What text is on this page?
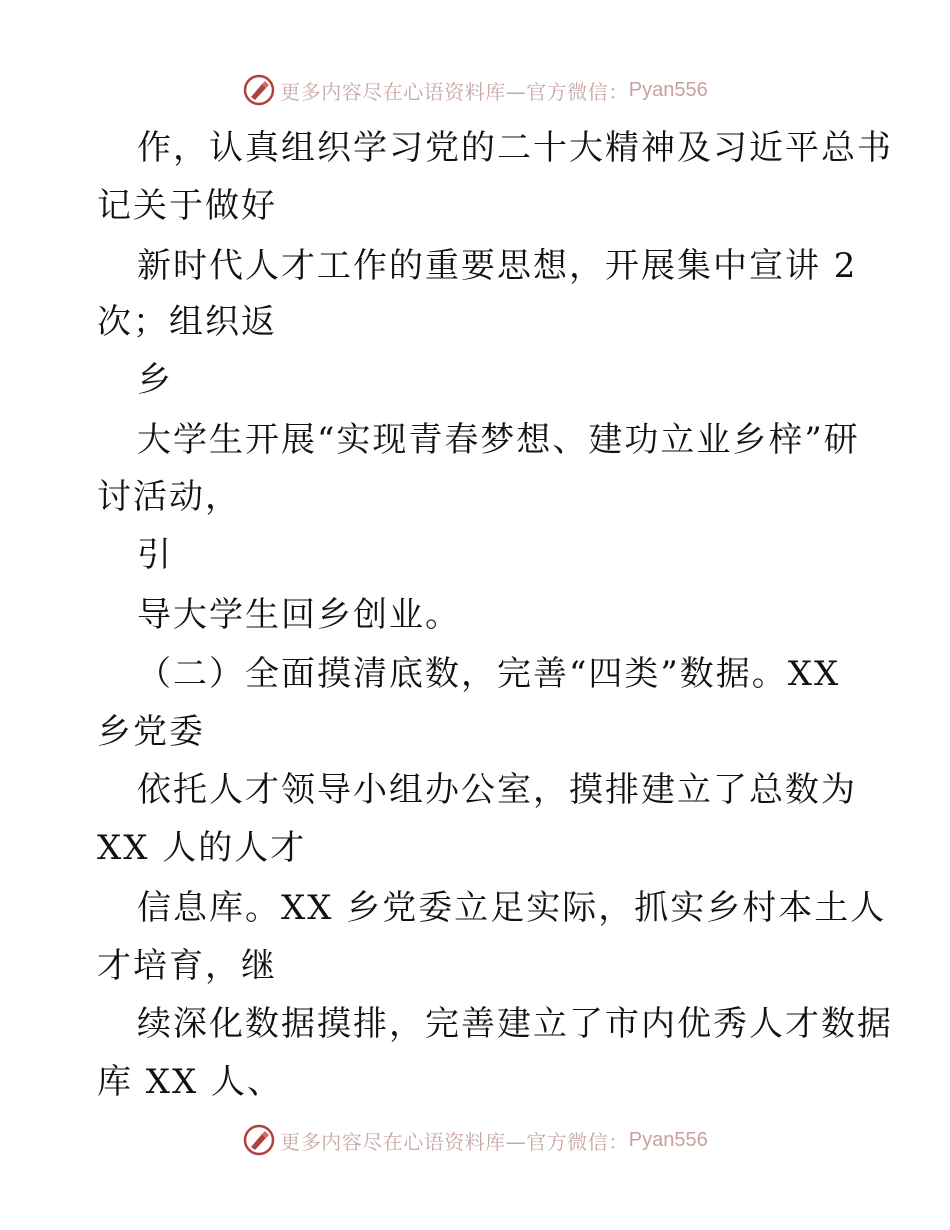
更多内容尽在心语资料库—官方微信： Pyan556
作，认真组织学习党的二十大精神及习近平总书
记关于做好
新时代人才工作的重要思想，开展集中宣讲 2
次；组织返
乡
大学生开展“实现青春梦想、建功立业乡梓”研
讨活动，
引
导大学生回乡创业。
（二）全面摸清底数，完善“四类”数据。XX
乡党委
依托人才领导小组办公室，摸排建立了总数为
XX 人的人才
信息库。XX 乡党委立足实际，抓实乡村本土人
才培育，继
续深化数据摸排，完善建立了市内优秀人才数据
库 XX 人、
更多内容尽在心语资料库—官方微信： Pyan556
